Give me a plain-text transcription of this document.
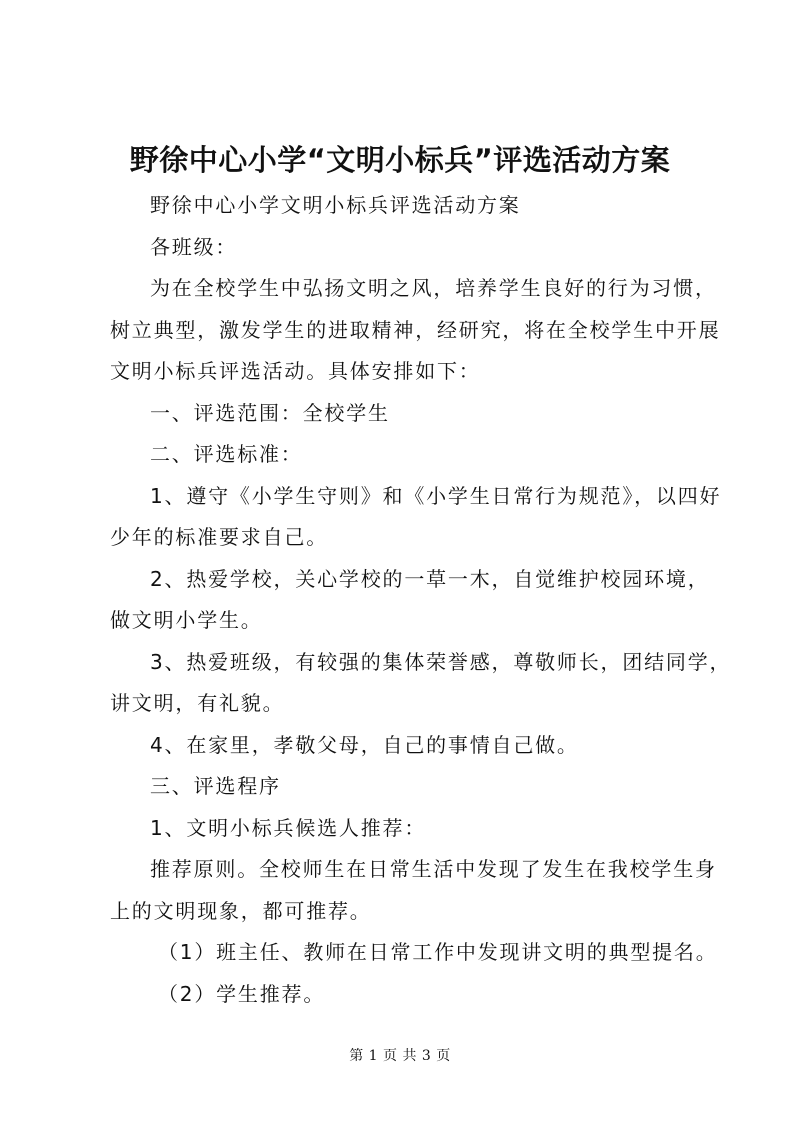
野徐中心小学“文明小标兵”评选活动方案
野徐中心小学文明小标兵评选活动方案
各班级：
为在全校学生中弘扬文明之风，培养学生良好的行为习惯，
树立典型，激发学生的进取精神，经研究，将在全校学生中开展
文明小标兵评选活动。具体安排如下：
一、评选范围：全校学生
二、评选标准：
1、遵守《小学生守则》和《小学生日常行为规范》，以四好
少年的标准要求自己。
2、热爱学校，关心学校的一草一木，自觉维护校园环境，
做文明小学生。
3、热爱班级，有较强的集体荣誉感，尊敬师长，团结同学，
讲文明，有礼貌。
4、在家里，孝敬父母，自己的事情自己做。
三、评选程序
1、文明小标兵候选人推荐：
推荐原则。全校师生在日常生活中发现了发生在我校学生身
上的文明现象，都可推荐。
（1）班主任、教师在日常工作中发现讲文明的典型提名。
（2）学生推荐。
第 1 页 共 3 页
